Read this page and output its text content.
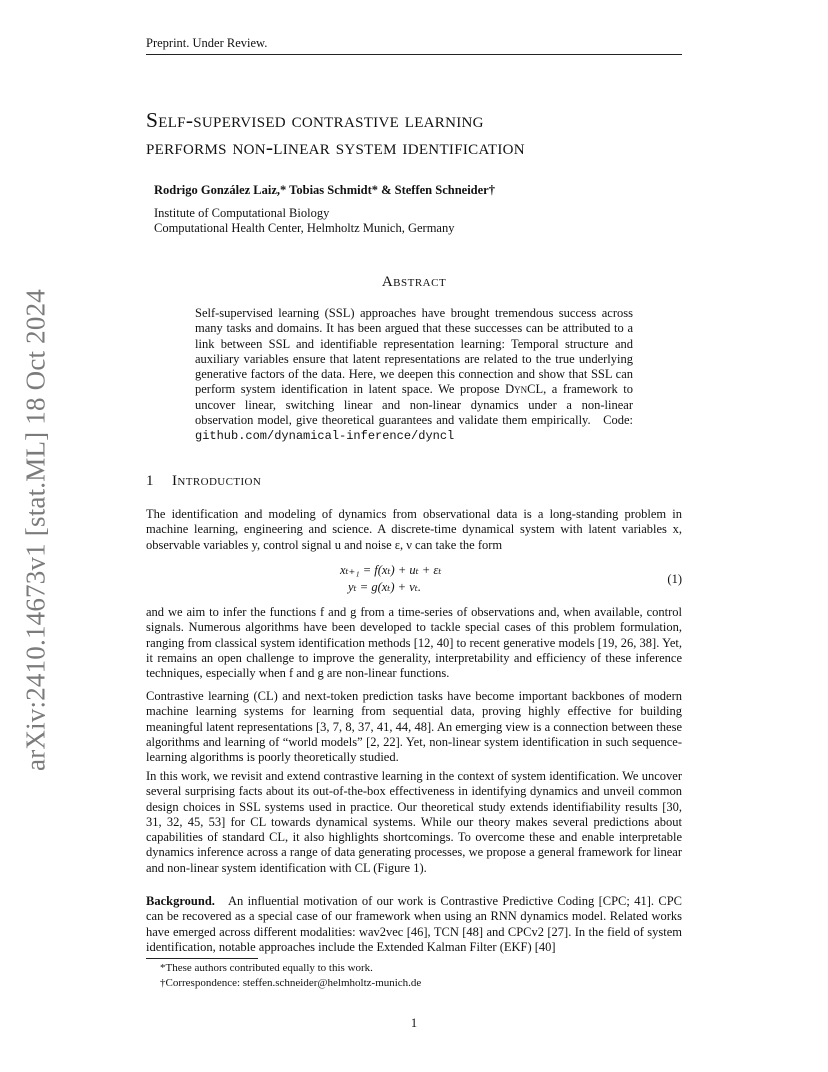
arXiv:2410.14673v1 [stat.ML] 18 Oct 2024
Preprint. Under Review.
Self-supervised contrastive learning
performs non-linear system identification
Rodrigo González Laiz,* Tobias Schmidt* & Steffen Schneider†
Institute of Computational Biology
Computational Health Center, Helmholtz Munich, Germany
Abstract
Self-supervised learning (SSL) approaches have brought tremendous success across many tasks and domains. It has been argued that these successes can be attributed to a link between SSL and identifiable representation learning: Temporal structure and auxiliary variables ensure that latent representations are related to the true underlying generative factors of the data. Here, we deepen this connection and show that SSL can perform system identification in latent space. We propose DynCL, a framework to uncover linear, switching linear and non-linear dynamics under a non-linear observation model, give theoretical guarantees and validate them empirically. Code: github.com/dynamical-inference/dyncl
1 Introduction
The identification and modeling of dynamics from observational data is a long-standing problem in machine learning, engineering and science. A discrete-time dynamical system with latent variables x, observable variables y, control signal u and noise ε, ν can take the form
xₜ₊₁ = f(xₜ) + uₜ + εₜ
yₜ = g(xₜ) + νₜ.
(1)
and we aim to infer the functions f and g from a time-series of observations and, when available, control signals. Numerous algorithms have been developed to tackle special cases of this problem formulation, ranging from classical system identification methods [12, 40] to recent generative models [19, 26, 38]. Yet, it remains an open challenge to improve the generality, interpretability and efficiency of these inference techniques, especially when f and g are non-linear functions.
Contrastive learning (CL) and next-token prediction tasks have become important backbones of modern machine learning systems for learning from sequential data, proving highly effective for building meaningful latent representations [3, 7, 8, 37, 41, 44, 48]. An emerging view is a connection between these algorithms and learning of “world models” [2, 22]. Yet, non-linear system identification in such sequence-learning algorithms is poorly theoretically studied.
In this work, we revisit and extend contrastive learning in the context of system identification. We uncover several surprising facts about its out-of-the-box effectiveness in identifying dynamics and unveil common design choices in SSL systems used in practice. Our theoretical study extends identifiability results [30, 31, 32, 45, 53] for CL towards dynamical systems. While our theory makes several predictions about capabilities of standard CL, it also highlights shortcomings. To overcome these and enable interpretable dynamics inference across a range of data generating processes, we propose a general framework for linear and non-linear system identification with CL (Figure 1).
Background. An influential motivation of our work is Contrastive Predictive Coding [CPC; 41]. CPC can be recovered as a special case of our framework when using an RNN dynamics model. Related works have emerged across different modalities: wav2vec [46], TCN [48] and CPCv2 [27]. In the field of system identification, notable approaches include the Extended Kalman Filter (EKF) [40]
*These authors contributed equally to this work.
†Correspondence: steffen.schneider@helmholtz-munich.de
1
